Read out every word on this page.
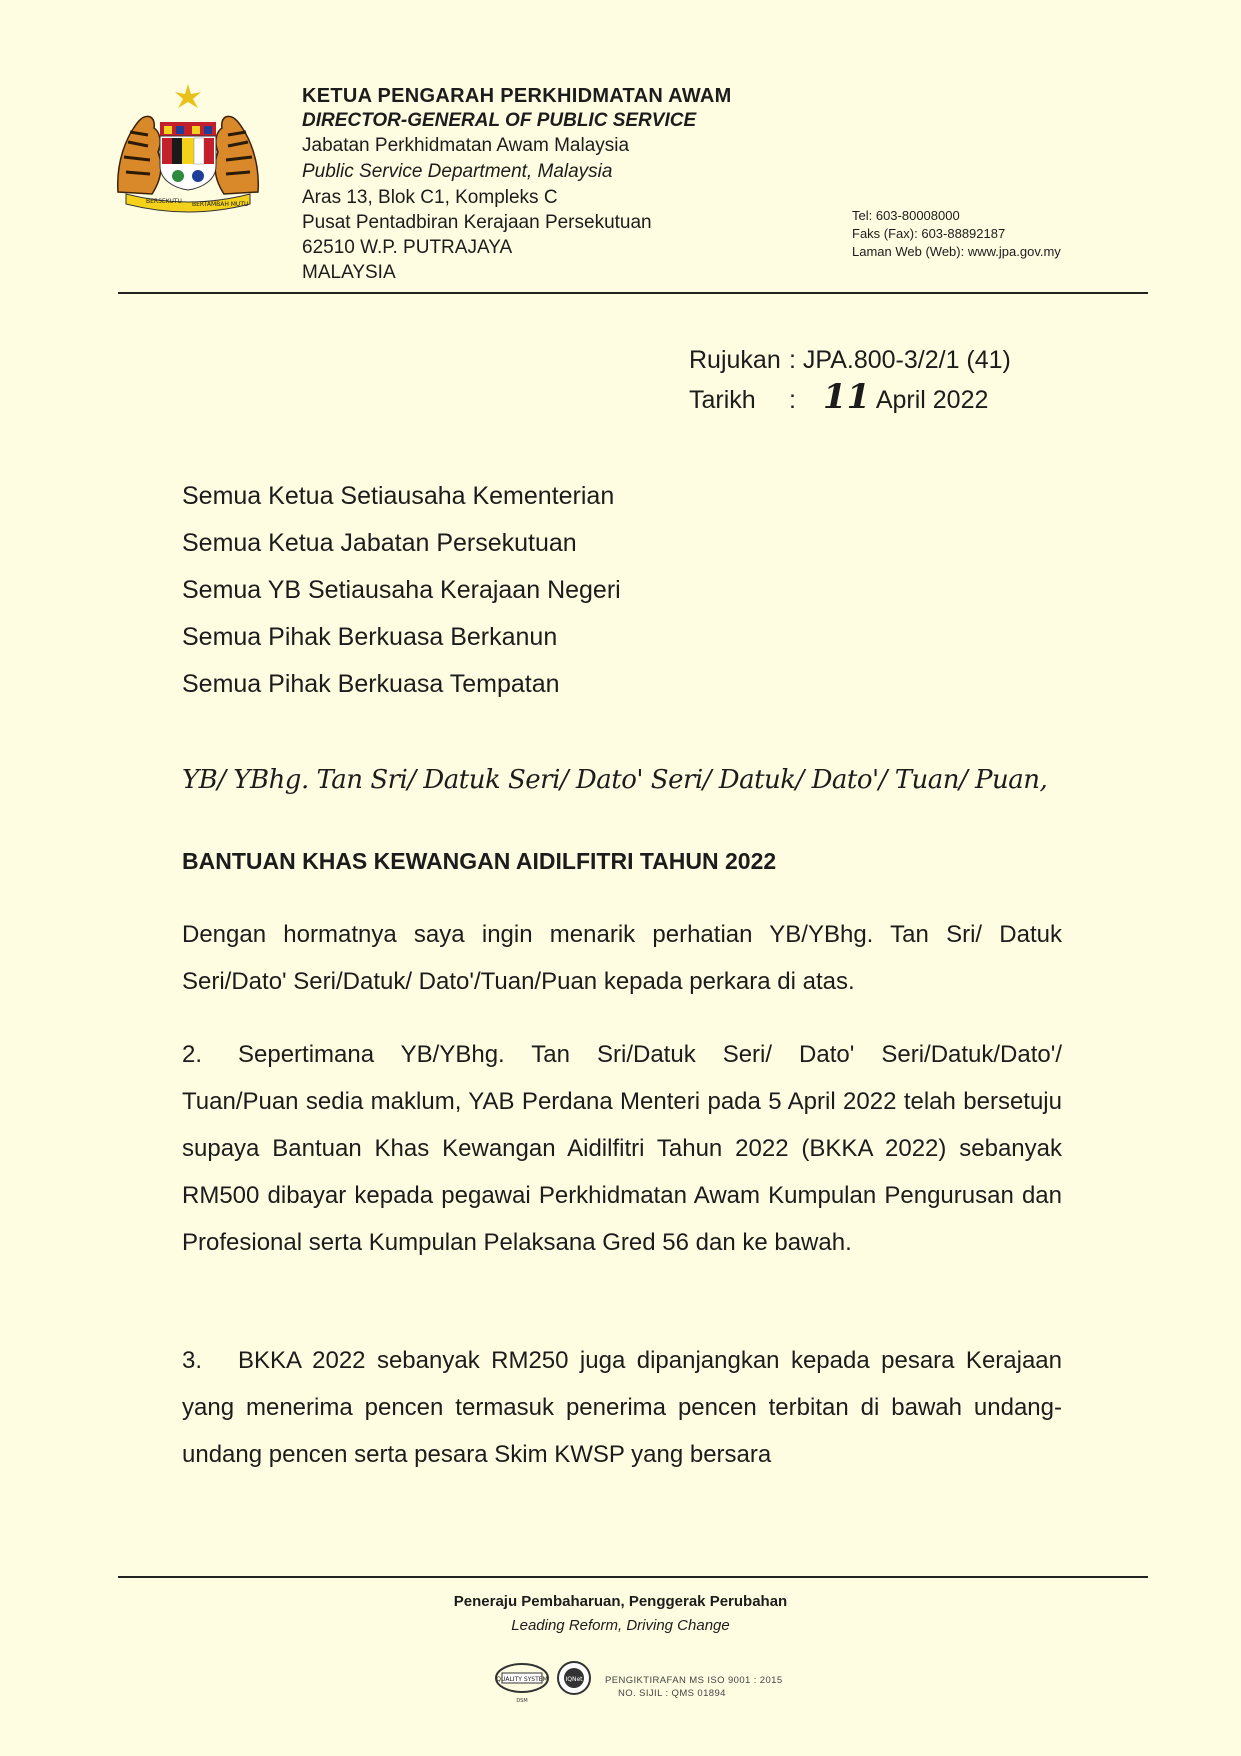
BERSEKUTU BERTAMBAH MUTU
KETUA PENGARAH PERKHIDMATAN AWAM
DIRECTOR-GENERAL OF PUBLIC SERVICE
Jabatan Perkhidmatan Awam Malaysia
Public Service Department, Malaysia
Aras 13, Blok C1, Kompleks C
Pusat Pentadbiran Kerajaan Persekutuan
62510 W.P. PUTRAJAYA
MALAYSIA
Tel: 603-80008000
Faks (Fax): 603-88892187
Laman Web (Web): www.jpa.gov.my
Rujukan : JPA.800-3/2/1 (41)
Tarikh : 11 April 2022
Semua Ketua Setiausaha Kementerian
Semua Ketua Jabatan Persekutuan
Semua YB Setiausaha Kerajaan Negeri
Semua Pihak Berkuasa Berkanun
Semua Pihak Berkuasa Tempatan
YB/ YBhg. Tan Sri/ Datuk Seri/ Dato' Seri/ Datuk/ Dato'/ Tuan/ Puan,
BANTUAN KHAS KEWANGAN AIDILFITRI TAHUN 2022
Dengan hormatnya saya ingin menarik perhatian YB/YBhg. Tan Sri/ Datuk Seri/Dato' Seri/Datuk/ Dato'/Tuan/Puan kepada perkara di atas.
2. Sepertimana YB/YBhg. Tan Sri/Datuk Seri/ Dato' Seri/Datuk/Dato'/ Tuan/Puan sedia maklum, YAB Perdana Menteri pada 5 April 2022 telah bersetuju supaya Bantuan Khas Kewangan Aidilfitri Tahun 2022 (BKKA 2022) sebanyak RM500 dibayar kepada pegawai Perkhidmatan Awam Kumpulan Pengurusan dan Profesional serta Kumpulan Pelaksana Gred 56 dan ke bawah.
3. BKKA 2022 sebanyak RM250 juga dipanjangkan kepada pesara Kerajaan yang menerima pencen termasuk penerima pencen terbitan di bawah undang-undang pencen serta pesara Skim KWSP yang bersara
Peneraju Pembaharuan, Penggerak Perubahan
Leading Reform, Driving Change
QUALITY SYSTEM
DSM
IQNet PENGIKTIRAFAN MS ISO 9001 : 2015
NO. SIJIL : QMS 01894
